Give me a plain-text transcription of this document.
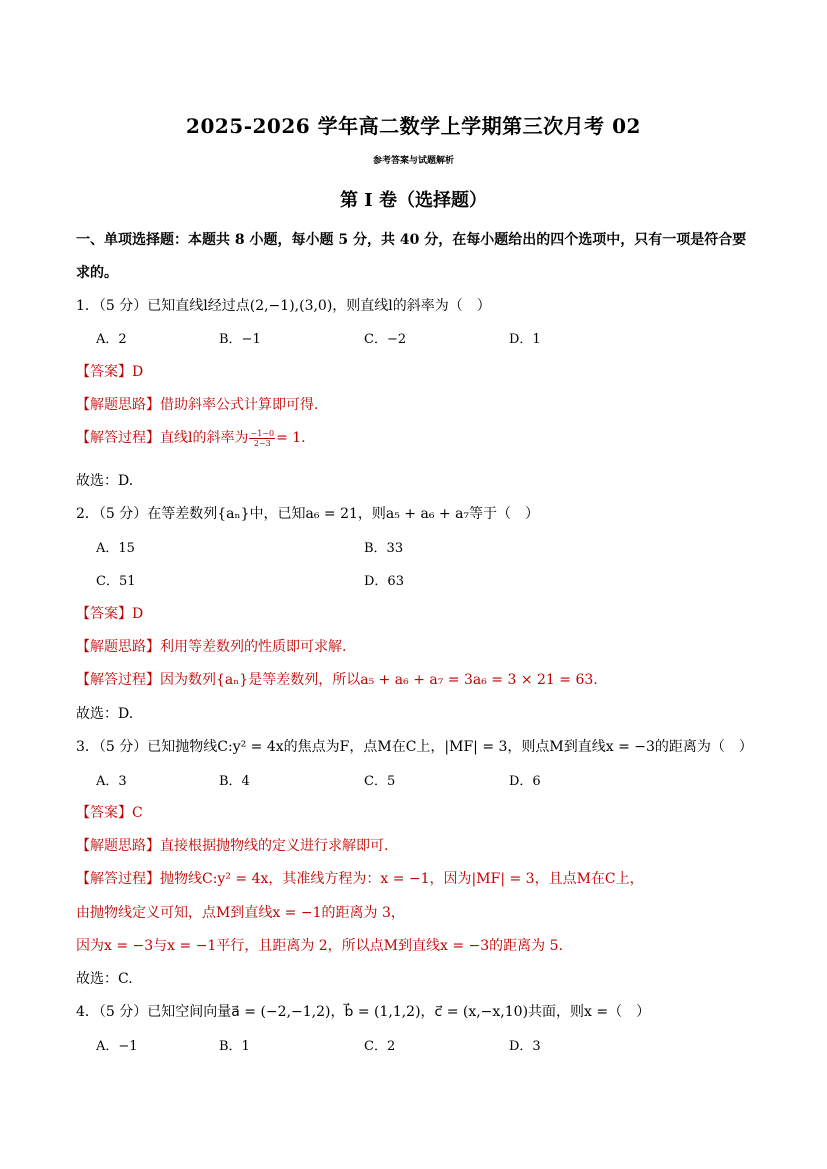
2025-2026 学年高二数学上学期第三次月考 02
参考答案与试题解析
第 I 卷（选择题）
一、单项选择题：本题共 8 小题，每小题 5 分，共 40 分，在每小题给出的四个选项中，只有一项是符合要
求的。
1．（5 分）已知直线l经过点(2,−1),(3,0)，则直线l的斜率为（　）
A．2	B．−1	C．−2	D．1
【答案】D
【解题思路】借助斜率公式计算即可得.
【解答过程】直线l的斜率为 $\frac{-1-0}{2-3} = 1$.
故选：D.
2．（5 分）在等差数列{aₙ}中，已知a₆ = 21，则a₅ + a₆ + a₇等于（　）
A．15	B．33
C．51	D．63
【答案】D
【解题思路】利用等差数列的性质即可求解.
【解答过程】因为数列{aₙ}是等差数列，所以a₅ + a₆ + a₇ = 3a₆ = 3 × 21 = 63.
故选：D.
3．（5 分）已知抛物线C:y² = 4x的焦点为F，点M在C上，|MF| = 3，则点M到直线x = −3的距离为（　）
A．3	B．4	C．5	D．6
【答案】C
【解题思路】直接根据抛物线的定义进行求解即可.
【解答过程】抛物线C:y² = 4x，其准线方程为：x = −1，因为|MF| = 3，且点M在C上，
由抛物线定义可知，点M到直线x = −1的距离为 3，
因为x = −3与x = −1平行，且距离为 2，所以点M到直线x = −3的距离为 5.
故选：C.
4．（5 分）已知空间向量a⃗ = (−2,−1,2)，b⃗ = (1,1,2)，c⃗ = (x,−x,10)共面，则x =（　）
A．−1	B．1	C．2	D．3
